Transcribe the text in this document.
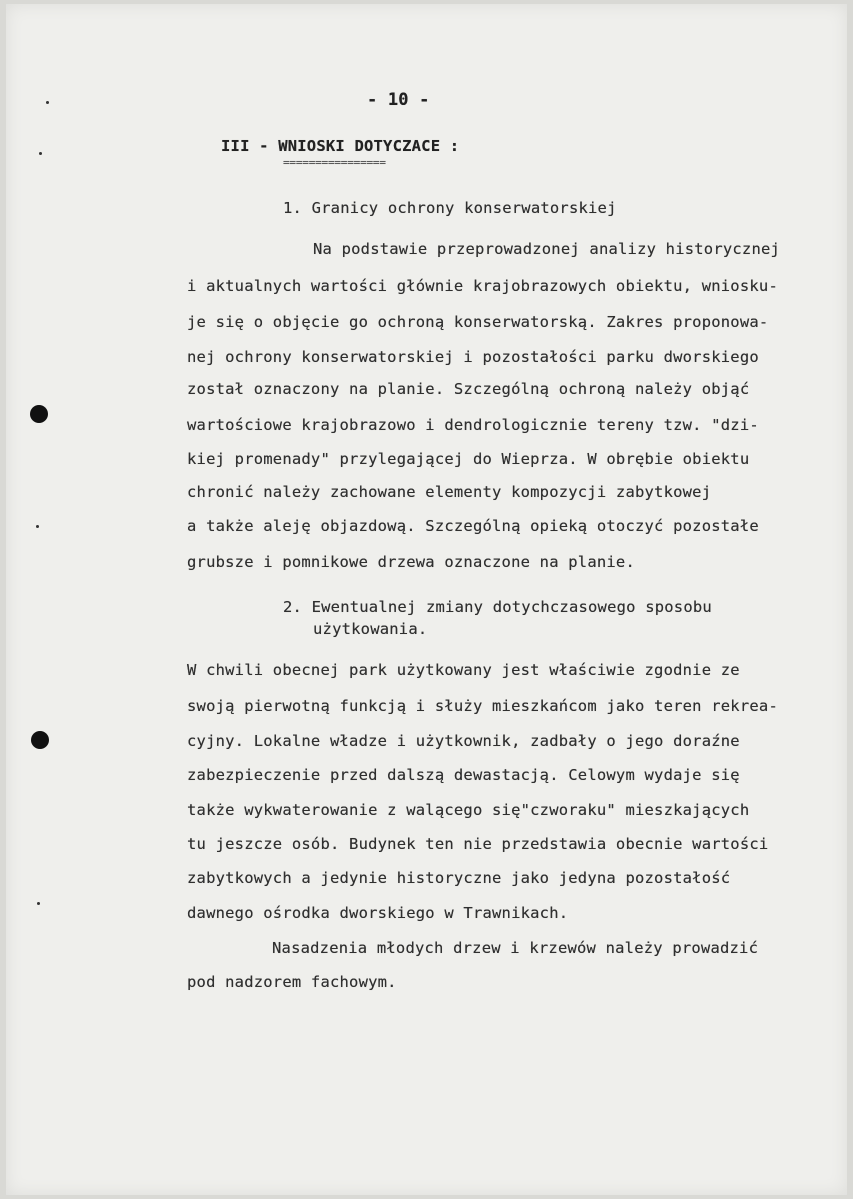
- 10 -
III - WNIOSKI DOTYCZACE :
================
1. Granicy ochrony konserwatorskiej
Na podstawie przeprowadzonej analizy historycznej
i aktualnych wartości głównie krajobrazowych obiektu, wniosku-
je się o objęcie go ochroną konserwatorską. Zakres proponowa-
nej ochrony konserwatorskiej i pozostałości parku dworskiego
został oznaczony na planie. Szczególną ochroną należy objąć
wartościowe krajobrazowo i dendrologicznie tereny tzw. "dzi-
kiej promenady" przylegającej do Wieprza. W obrębie obiektu
chronić należy zachowane elementy kompozycji zabytkowej
a także aleję objazdową. Szczególną opieką otoczyć pozostałe
grubsze i pomnikowe drzewa oznaczone na planie.
2. Ewentualnej zmiany dotychczasowego sposobu
użytkowania.
W chwili obecnej park użytkowany jest właściwie zgodnie ze
swoją pierwotną funkcją i służy mieszkańcom jako teren rekrea-
cyjny. Lokalne władze i użytkownik, zadbały o jego doraźne
zabezpieczenie przed dalszą dewastacją. Celowym wydaje się
także wykwaterowanie z walącego się"czworaku" mieszkających
tu jeszcze osób. Budynek ten nie przedstawia obecnie wartości
zabytkowych a jedynie historyczne jako jedyna pozostałość
dawnego ośrodka dworskiego w Trawnikach.
Nasadzenia młodych drzew i krzewów należy prowadzić
pod nadzorem fachowym.
